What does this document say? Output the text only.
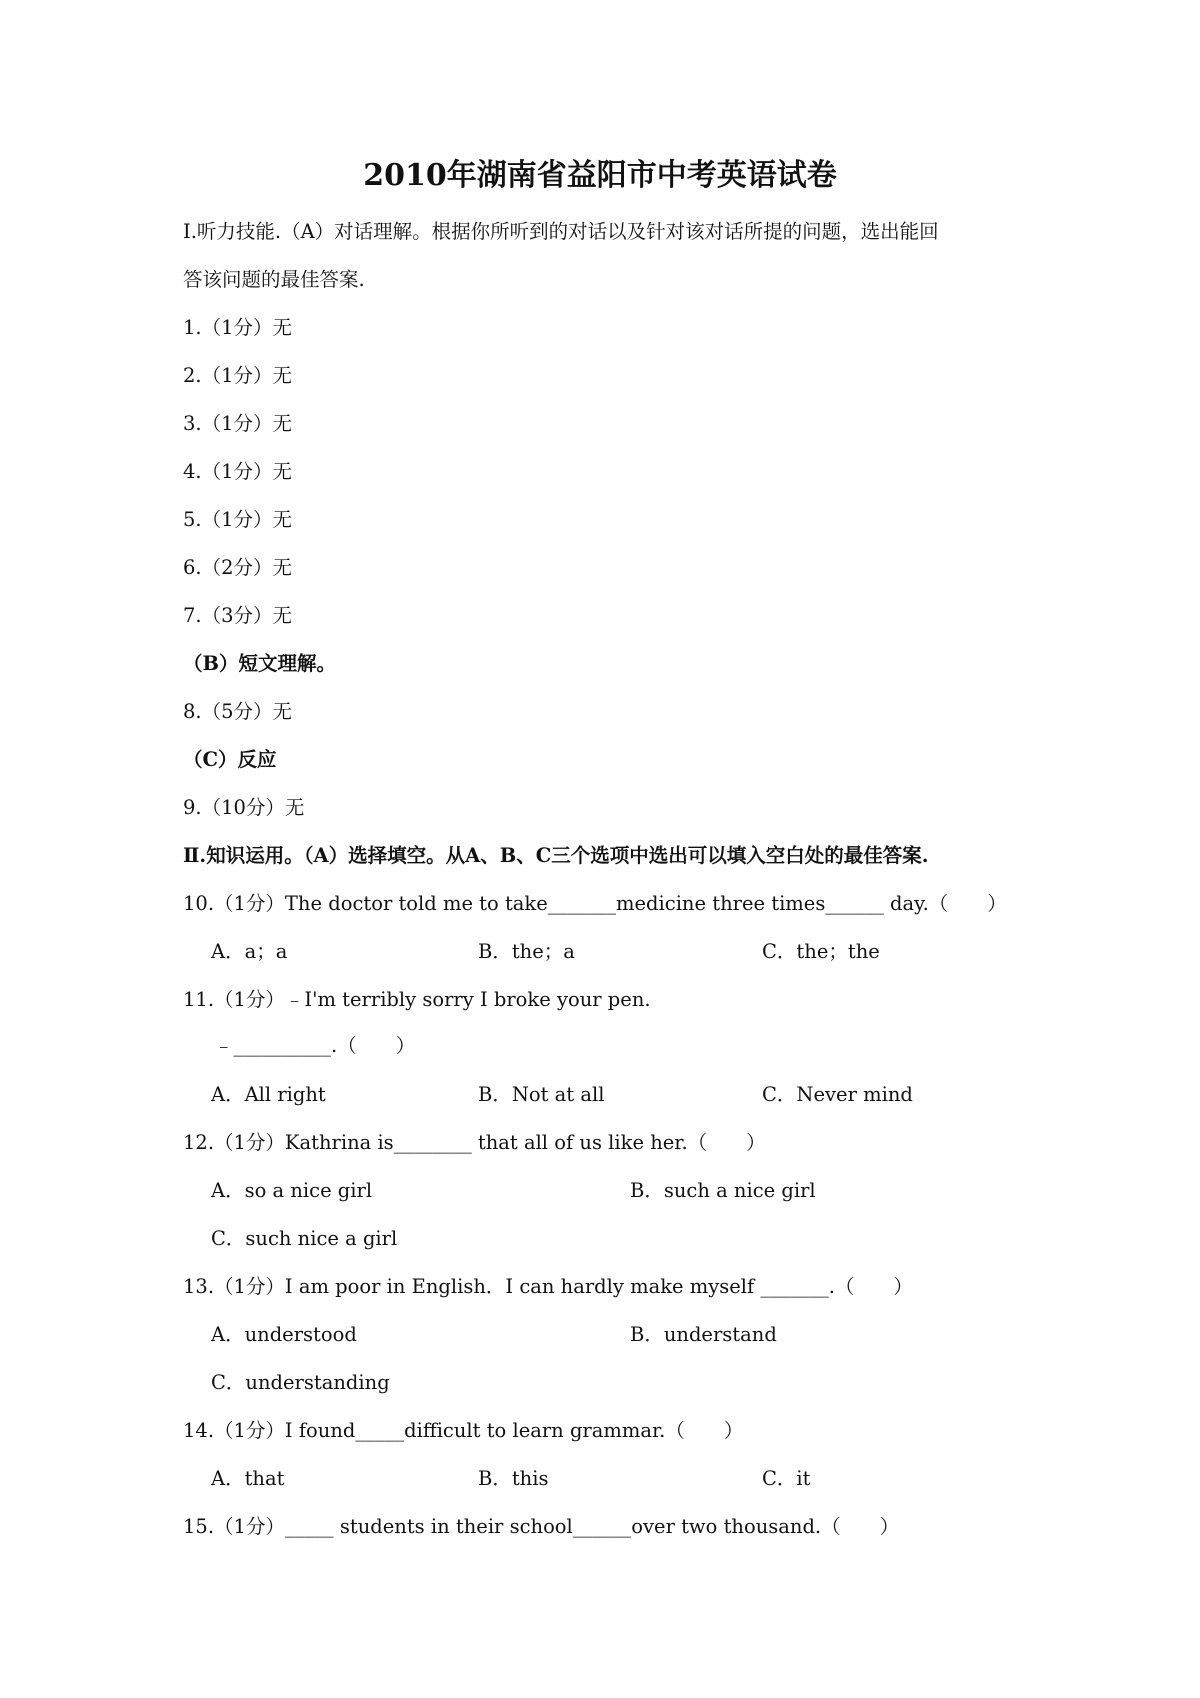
2010年湖南省益阳市中考英语试卷
Ⅰ.听力技能.（A）对话理解。根据你所听到的对话以及针对该对话所提的问题，选出能回
答该问题的最佳答案.
1.（1分）无
2.（1分）无
3.（1分）无
4.（1分）无
5.（1分）无
6.（2分）无
7.（3分）无
（B）短文理解。
8.（5分）无
（C）反应
9.（10分）无
Ⅱ.知识运用。（A）选择填空。从A、B、C三个选项中选出可以填入空白处的最佳答案.
10.（1分）The doctor told me to take_______medicine three times______ day.（　　）
A．a；a	B．the；a	C．the；the
11.（1分）﹣I'm terribly sorry I broke your pen.
﹣__________.（　　）
A．All right	B．Not at all	C．Never mind
12.（1分）Kathrina is________ that all of us like her.（　　）
A．so a nice girl	B．such a nice girl
C．such nice a girl
13.（1分）I am poor in English．I can hardly make myself _______.（　　）
A．understood	B．understand
C．understanding
14.（1分）I found_____difficult to learn grammar.（　　）
A．that	B．this	C．it
15.（1分）_____ students in their school______over two thousand.（　　）
